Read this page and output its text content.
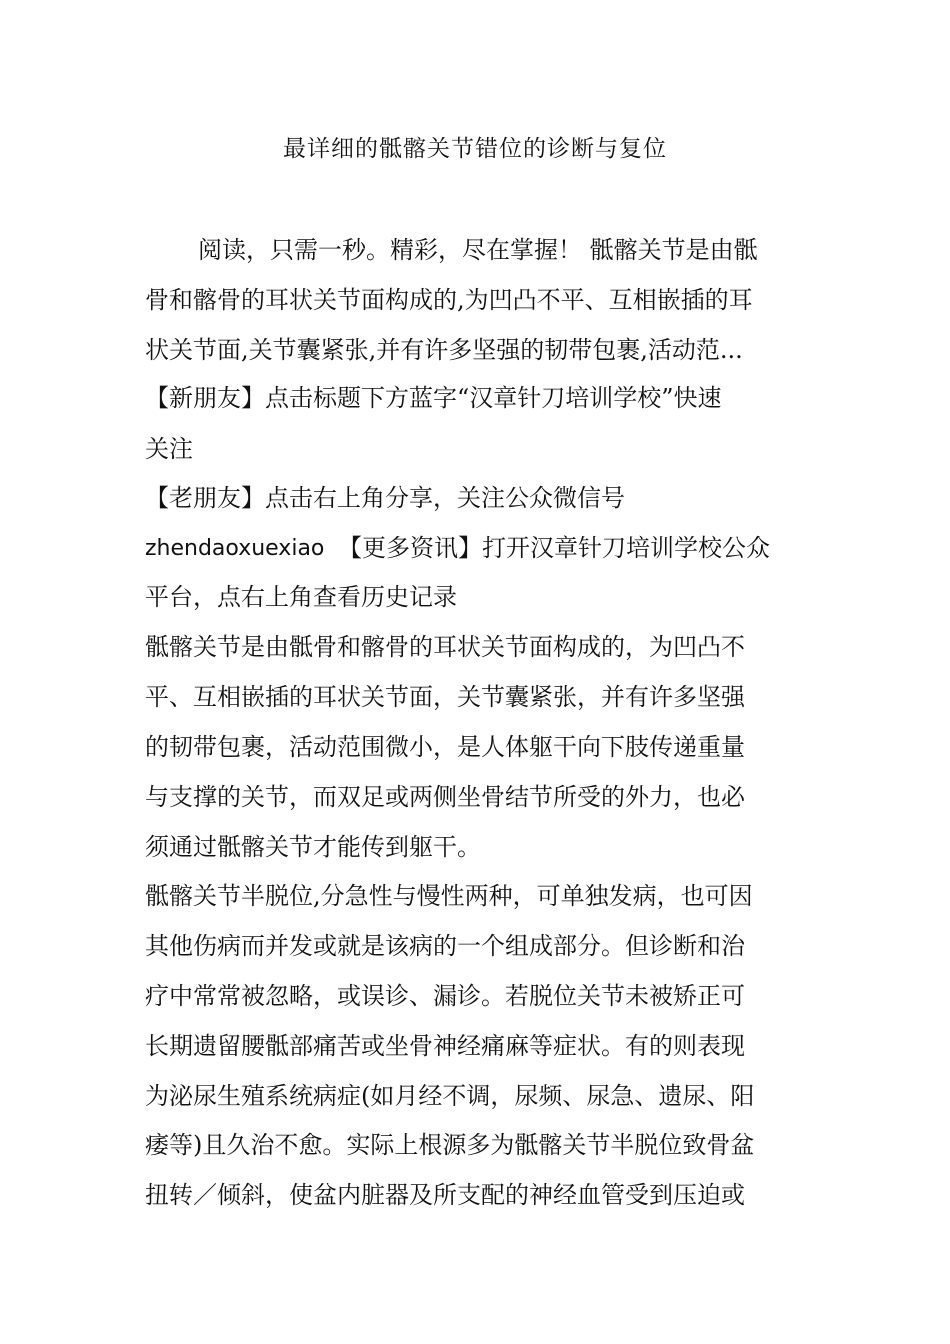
最详细的骶髂关节错位的诊断与复位
阅读，只需一秒。精彩，尽在掌握！ 骶髂关节是由骶
骨和髂骨的耳状关节面构成的,为凹凸不平、互相嵌插的耳
状关节面,关节囊紧张,并有许多坚强的韧带包裹,活动范...
【新朋友】点击标题下方蓝字“汉章针刀培训学校”快速
关注
【老朋友】点击右上角分享，关注公众微信号
zhendaoxuexiao 【更多资讯】打开汉章针刀培训学校公众
平台，点右上角查看历史记录
骶髂关节是由骶骨和髂骨的耳状关节面构成的，为凹凸不
平、互相嵌插的耳状关节面，关节囊紧张，并有许多坚强
的韧带包裹，活动范围微小，是人体躯干向下肢传递重量
与支撑的关节，而双足或两侧坐骨结节所受的外力，也必
须通过骶髂关节才能传到躯干。
骶髂关节半脱位,分急性与慢性两种，可单独发病，也可因
其他伤病而并发或就是该病的一个组成部分。但诊断和治
疗中常常被忽略，或误诊、漏诊。若脱位关节未被矫正可
长期遗留腰骶部痛苦或坐骨神经痛麻等症状。有的则表现
为泌尿生殖系统病症(如月经不调，尿频、尿急、遗尿、阳
痿等)且久治不愈。实际上根源多为骶髂关节半脱位致骨盆
扭转／倾斜，使盆内脏器及所支配的神经血管受到压迫或
